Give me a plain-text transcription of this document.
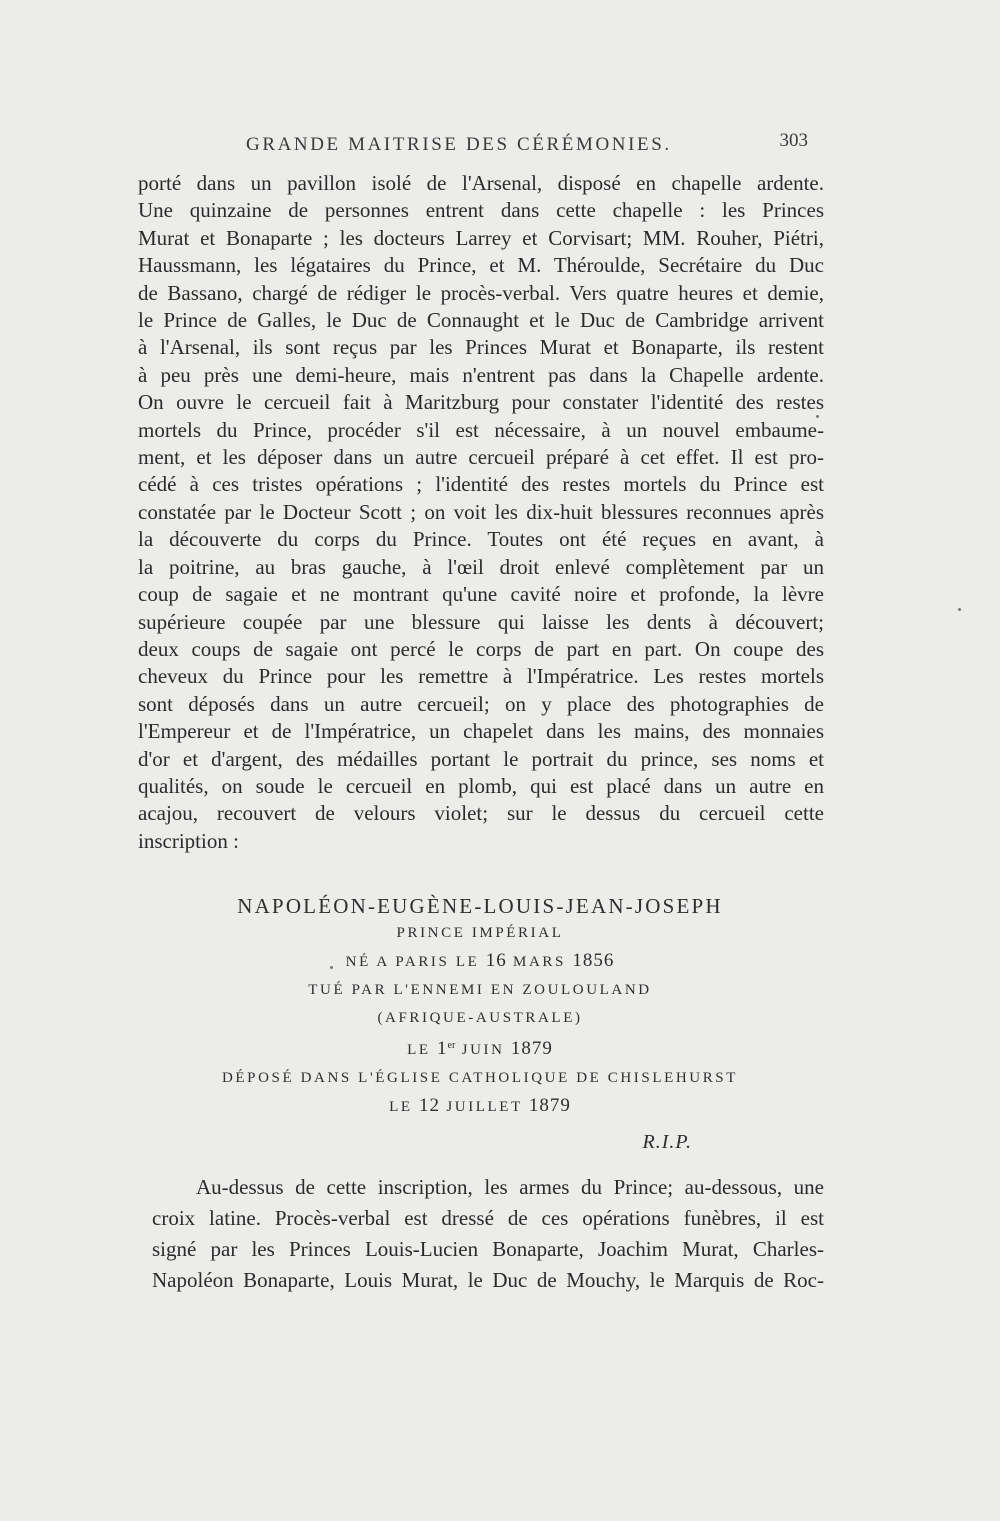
GRANDE MAITRISE DES CÉRÉMONIES.	303
porté dans un pavillon isolé de l'Arsenal, disposé en chapelle ardente.
Une quinzaine de personnes entrent dans cette chapelle : les Princes
Murat et Bonaparte ; les docteurs Larrey et Corvisart; MM. Rouher, Piétri,
Haussmann, les légataires du Prince, et M. Théroulde, Secrétaire du Duc
de Bassano, chargé de rédiger le procès-verbal. Vers quatre heures et demie,
le Prince de Galles, le Duc de Connaught et le Duc de Cambridge arrivent
à l'Arsenal, ils sont reçus par les Princes Murat et Bonaparte, ils restent
à peu près une demi-heure, mais n'entrent pas dans la Chapelle ardente.
On ouvre le cercueil fait à Maritzburg pour constater l'identité des restes
mortels du Prince, procéder s'il est nécessaire, à un nouvel embaume-
ment, et les déposer dans un autre cercueil préparé à cet effet. Il est pro-
cédé à ces tristes opérations ; l'identité des restes mortels du Prince est
constatée par le Docteur Scott ; on voit les dix-huit blessures reconnues après
la découverte du corps du Prince. Toutes ont été reçues en avant, à
la poitrine, au bras gauche, à l'œil droit enlevé complètement par un
coup de sagaie et ne montrant qu'une cavité noire et profonde, la lèvre
supérieure coupée par une blessure qui laisse les dents à découvert;
deux coups de sagaie ont percé le corps de part en part. On coupe des
cheveux du Prince pour les remettre à l'Impératrice. Les restes mortels
sont déposés dans un autre cercueil; on y place des photographies de
l'Empereur et de l'Impératrice, un chapelet dans les mains, des monnaies
d'or et d'argent, des médailles portant le portrait du prince, ses noms et
qualités, on soude le cercueil en plomb, qui est placé dans un autre en
acajou, recouvert de velours violet; sur le dessus du cercueil cette
inscription :
NAPOLÉON-EUGÈNE-LOUIS-JEAN-JOSEPH
PRINCE IMPÉRIAL
NÉ A PARIS LE 16 MARS 1856
TUÉ PAR L'ENNEMI EN ZOULOULAND
(AFRIQUE-AUSTRALE)
LE 1er JUIN 1879
DÉPOSÉ DANS L'ÉGLISE CATHOLIQUE DE CHISLEHURST
LE 12 JUILLET 1879
R.I.P.
Au-dessus de cette inscription, les armes du Prince; au-dessous, une
croix latine. Procès-verbal est dressé de ces opérations funèbres, il est
signé par les Princes Louis-Lucien Bonaparte, Joachim Murat, Charles-
Napoléon Bonaparte, Louis Murat, le Duc de Mouchy, le Marquis de Roc-
